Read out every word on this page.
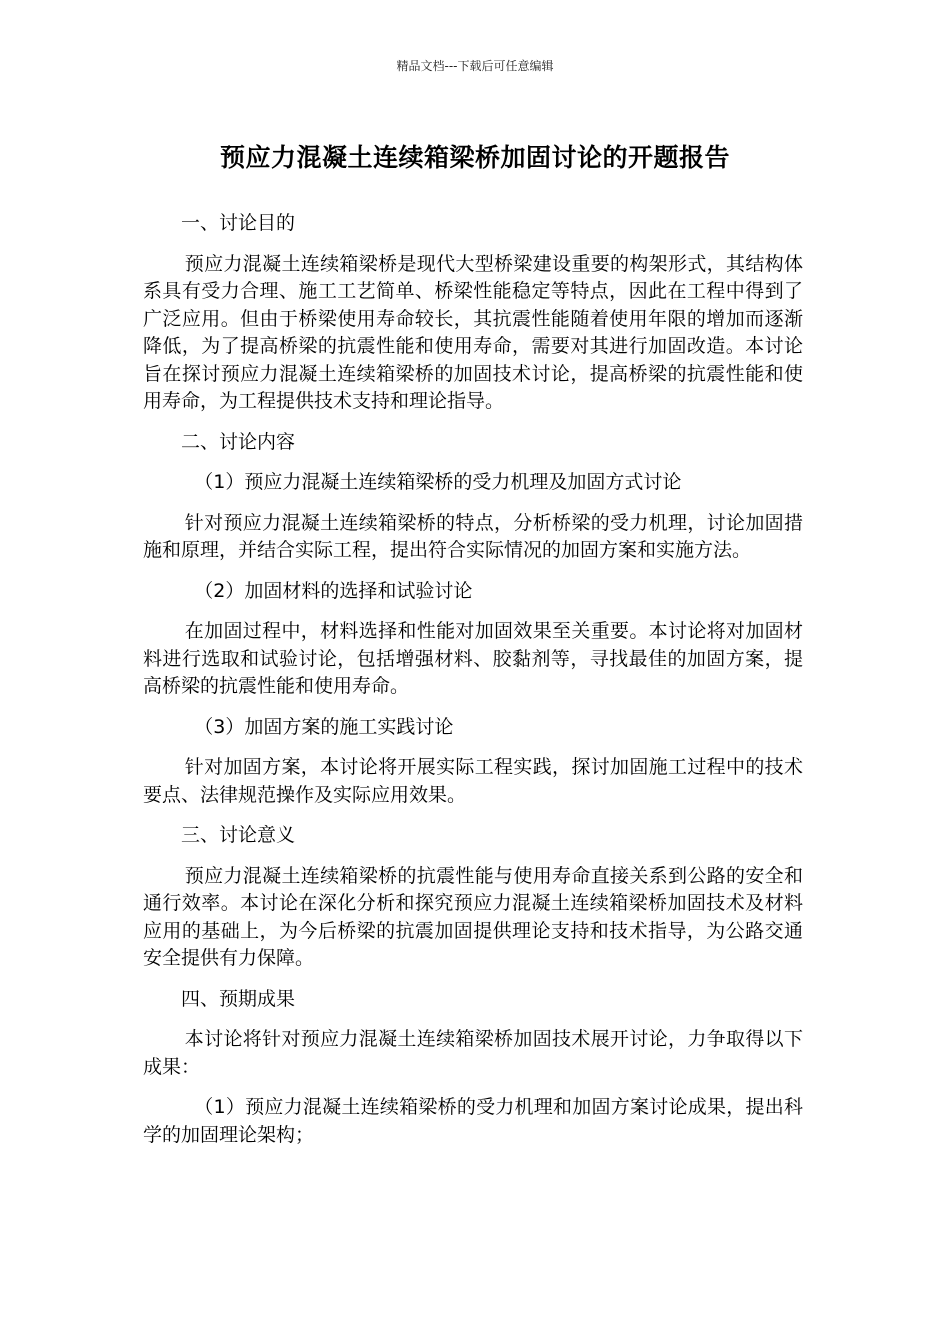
精品文档---下载后可任意编辑
预应力混凝土连续箱梁桥加固讨论的开题报告

一、讨论目的

预应力混凝土连续箱梁桥是现代大型桥梁建设重要的构架形式，其结构体系具有受力合理、施工工艺简单、桥梁性能稳定等特点，因此在工程中得到了广泛应用。但由于桥梁使用寿命较长，其抗震性能随着使用年限的增加而逐渐降低，为了提高桥梁的抗震性能和使用寿命，需要对其进行加固改造。本讨论旨在探讨预应力混凝土连续箱梁桥的加固技术讨论，提高桥梁的抗震性能和使用寿命，为工程提供技术支持和理论指导。

二、讨论内容

（1）预应力混凝土连续箱梁桥的受力机理及加固方式讨论

针对预应力混凝土连续箱梁桥的特点，分析桥梁的受力机理，讨论加固措施和原理，并结合实际工程，提出符合实际情况的加固方案和实施方法。

（2）加固材料的选择和试验讨论

在加固过程中，材料选择和性能对加固效果至关重要。本讨论将对加固材料进行选取和试验讨论，包括增强材料、胶黏剂等，寻找最佳的加固方案，提高桥梁的抗震性能和使用寿命。

（3）加固方案的施工实践讨论

针对加固方案，本讨论将开展实际工程实践，探讨加固施工过程中的技术要点、法律规范操作及实际应用效果。

三、讨论意义

预应力混凝土连续箱梁桥的抗震性能与使用寿命直接关系到公路的安全和通行效率。本讨论在深化分析和探究预应力混凝土连续箱梁桥加固技术及材料应用的基础上，为今后桥梁的抗震加固提供理论支持和技术指导，为公路交通安全提供有力保障。

四、预期成果

本讨论将针对预应力混凝土连续箱梁桥加固技术展开讨论，力争取得以下成果：

（1）预应力混凝土连续箱梁桥的受力机理和加固方案讨论成果，提出科学的加固理论架构；
